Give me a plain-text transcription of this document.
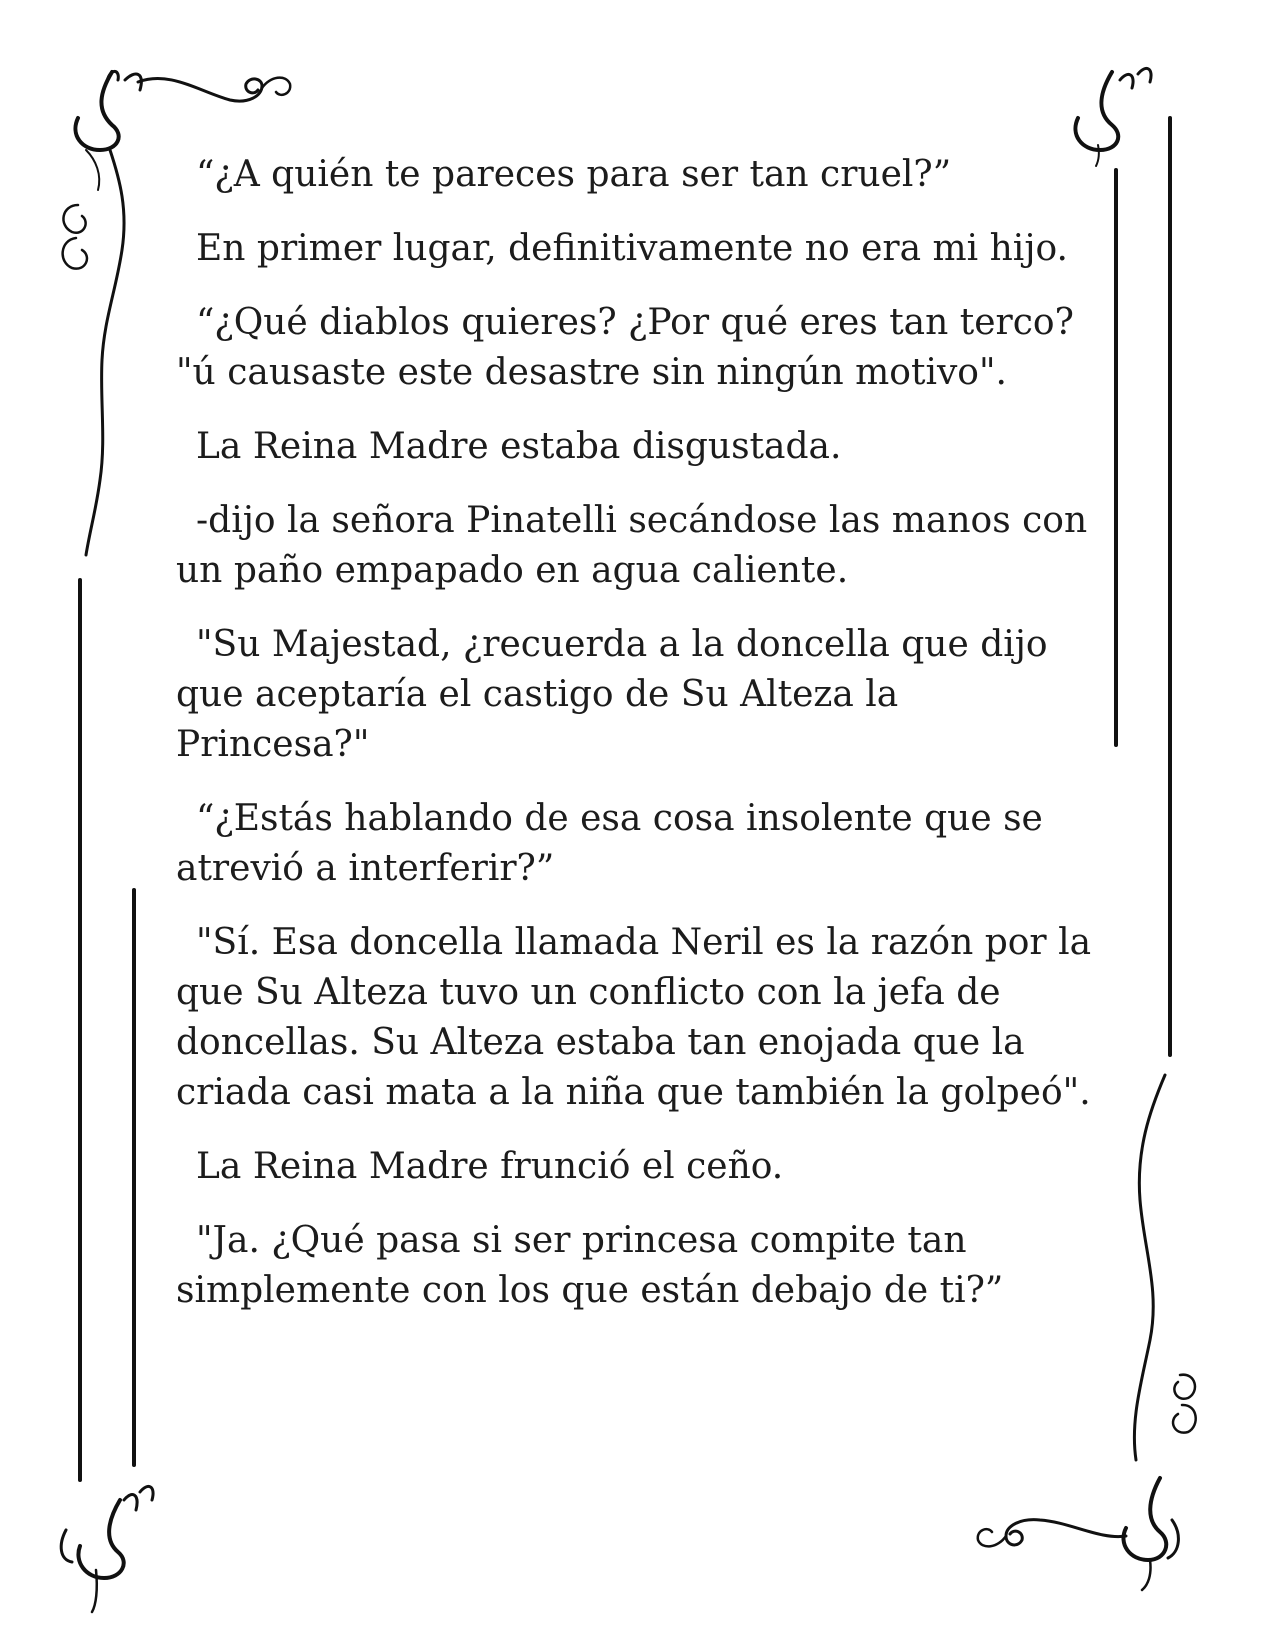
“¿A quién te pareces para ser tan cruel?”

En primer lugar, definitivamente no era mi hijo.

“¿Qué diablos quieres? ¿Por qué eres tan terco? "ú causaste este desastre sin ningún motivo".

La Reina Madre estaba disgustada.

-dijo la señora Pinatelli secándose las manos con un paño empapado en agua caliente.

"Su Majestad, ¿recuerda a la doncella que dijo que aceptaría el castigo de Su Alteza la Princesa?"

“¿Estás hablando de esa cosa insolente que se atrevió a interferir?”

"Sí. Esa doncella llamada Neril es la razón por la que Su Alteza tuvo un conflicto con la jefa de doncellas. Su Alteza estaba tan enojada que la criada casi mata a la niña que también la golpeó".

La Reina Madre frunció el ceño.

"Ja. ¿Qué pasa si ser princesa compite tan simplemente con los que están debajo de ti?”
